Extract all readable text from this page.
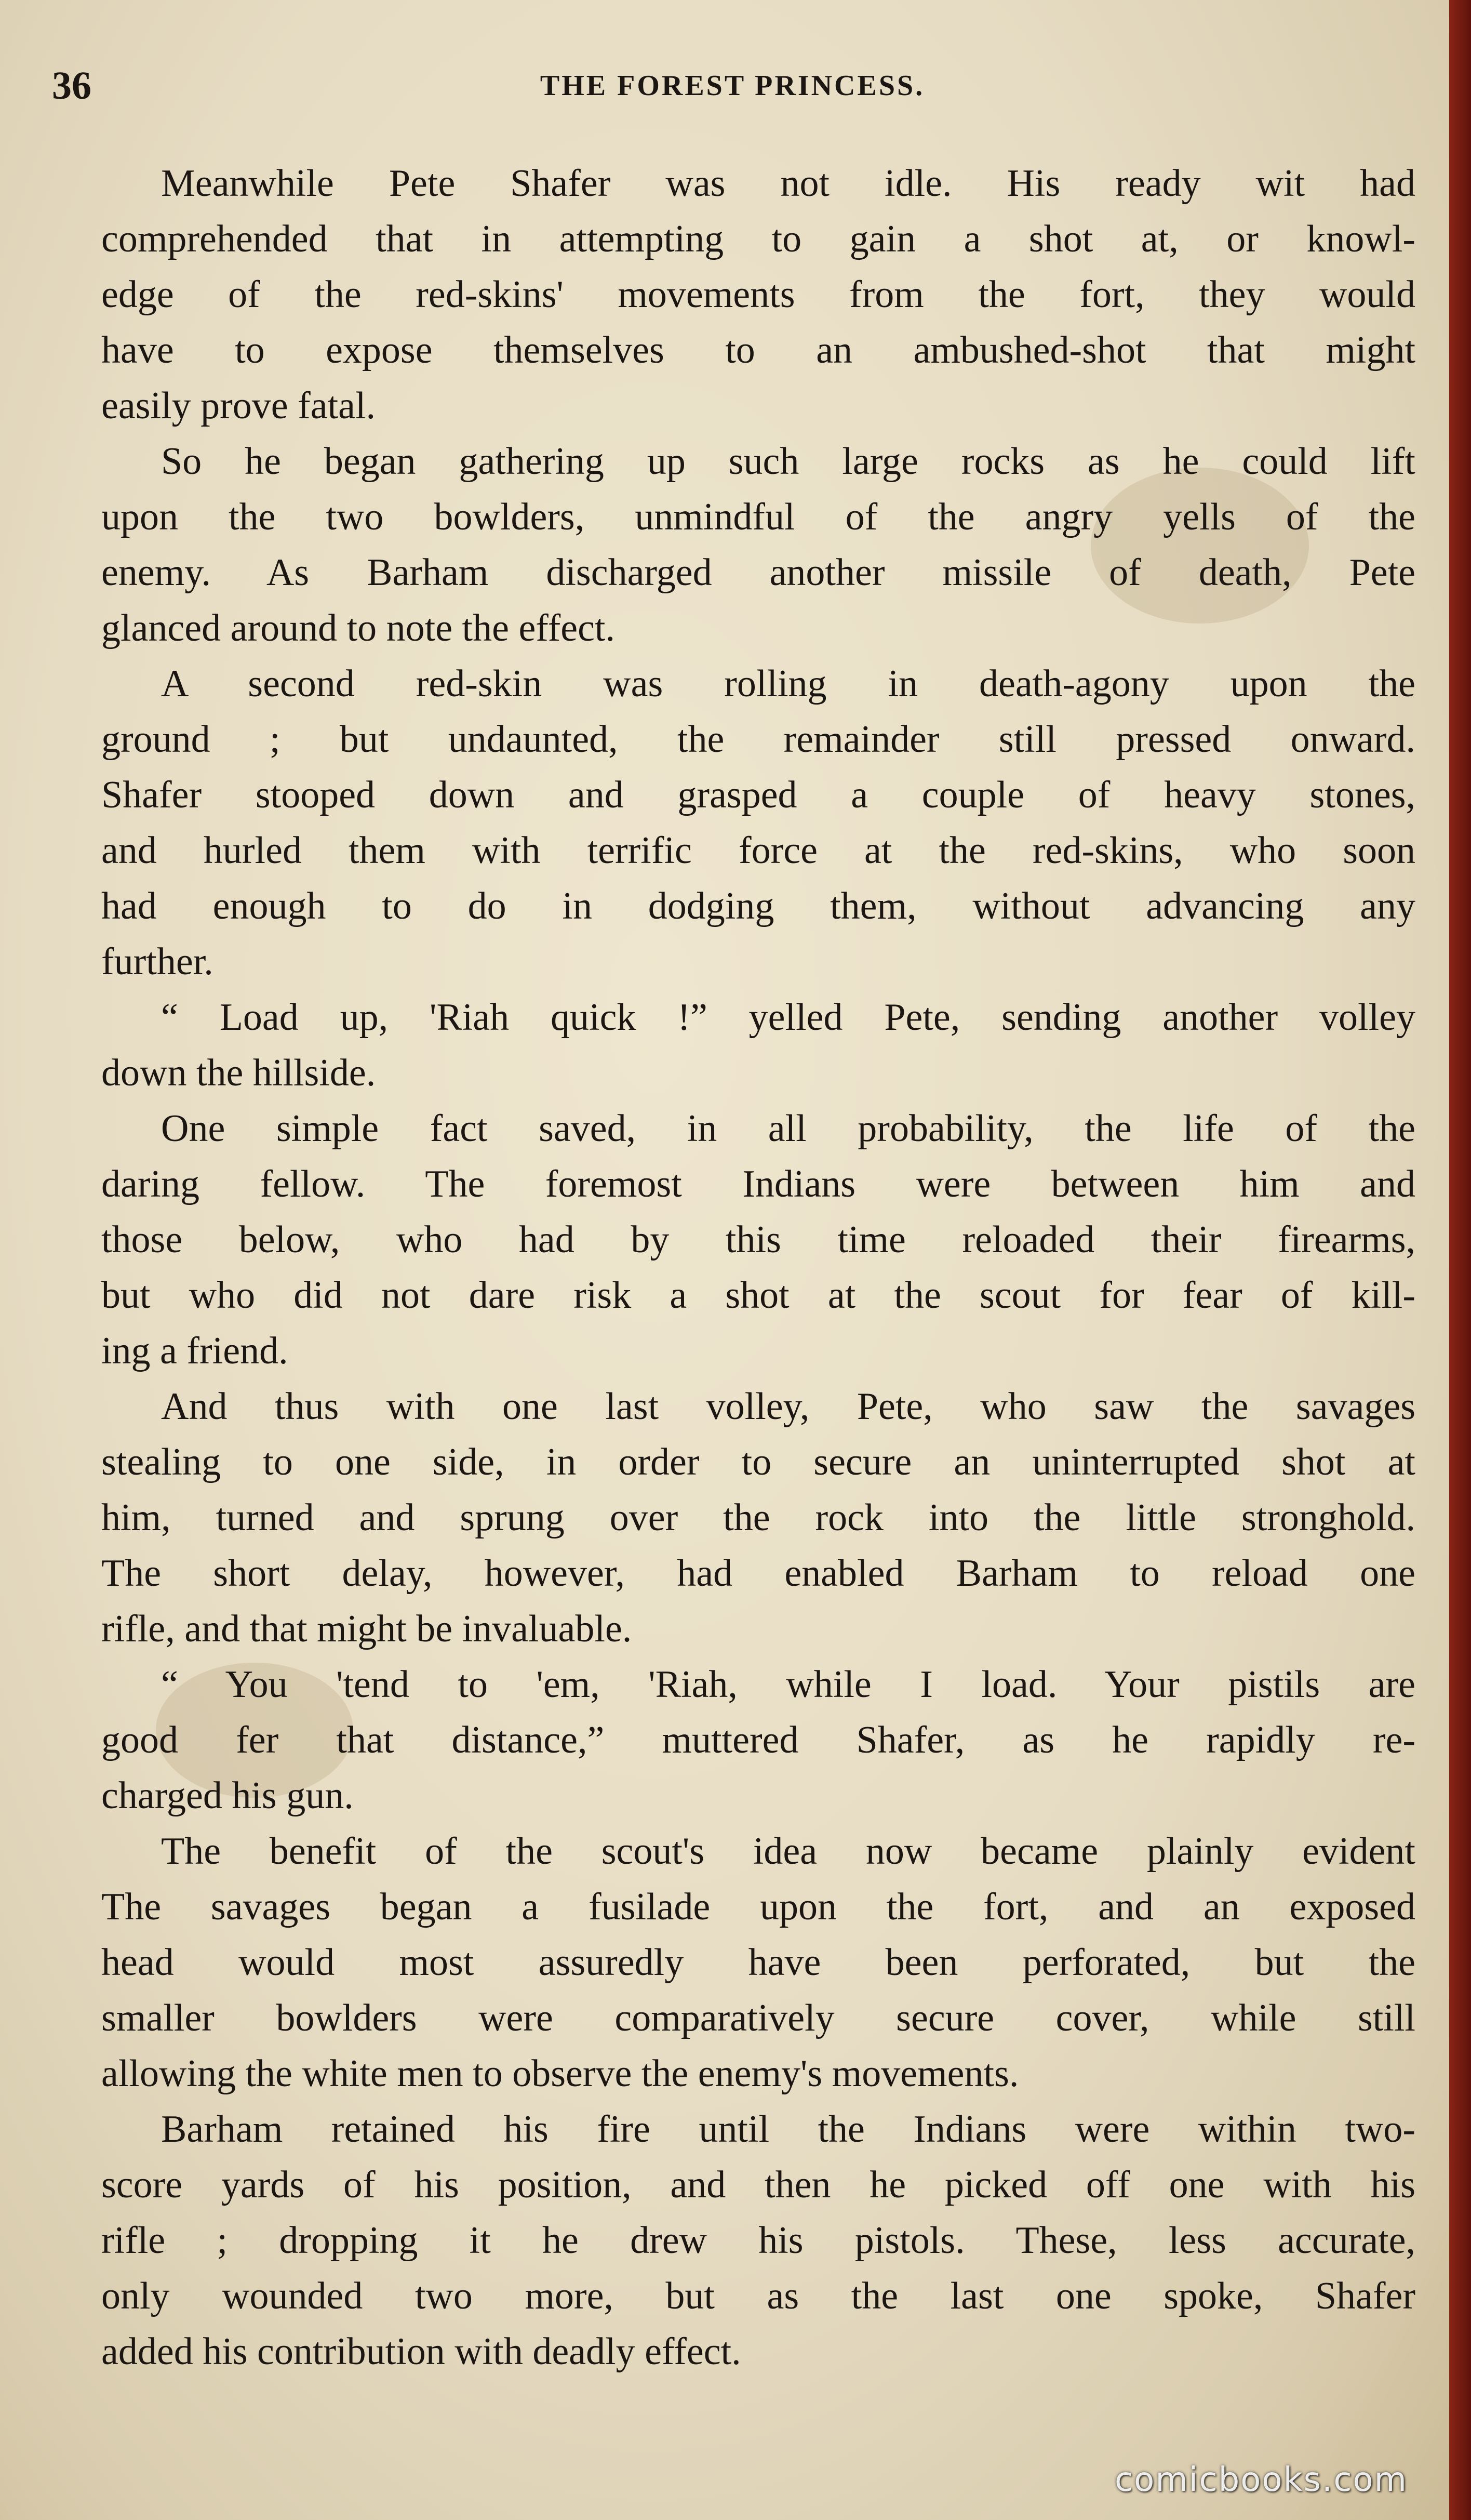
36	THE FOREST PRINCESS.
Meanwhile Pete Shafer was not idle. His ready wit had
comprehended that in attempting to gain a shot at, or knowl-
edge of the red-skins' movements from the fort, they would
have to expose themselves to an ambushed-shot that might
easily prove fatal.
So he began gathering up such large rocks as he could lift
upon the two bowlders, unmindful of the angry yells of the
enemy. As Barham discharged another missile of death, Pete
glanced around to note the effect.
A second red-skin was rolling in death-agony upon the
ground ; but undaunted, the remainder still pressed onward.
Shafer stooped down and grasped a couple of heavy stones,
and hurled them with terrific force at the red-skins, who soon
had enough to do in dodging them, without advancing any
further.
“ Load up, 'Riah quick !” yelled Pete, sending another volley
down the hillside.
One simple fact saved, in all probability, the life of the
daring fellow. The foremost Indians were between him and
those below, who had by this time reloaded their firearms,
but who did not dare risk a shot at the scout for fear of kill-
ing a friend.
And thus with one last volley, Pete, who saw the savages
stealing to one side, in order to secure an uninterrupted shot at
him, turned and sprung over the rock into the little stronghold.
The short delay, however, had enabled Barham to reload one
rifle, and that might be invaluable.
“ You 'tend to 'em, 'Riah, while I load. Your pistils are
good fer that distance,” muttered Shafer, as he rapidly re-
charged his gun.
The benefit of the scout's idea now became plainly evident
The savages began a fusilade upon the fort, and an exposed
head would most assuredly have been perforated, but the
smaller bowlders were comparatively secure cover, while still
allowing the white men to observe the enemy's movements.
Barham retained his fire until the Indians were within two-
score yards of his position, and then he picked off one with his
rifle ; dropping it he drew his pistols. These, less accurate,
only wounded two more, but as the last one spoke, Shafer
added his contribution with deadly effect.
comicbooks.com
